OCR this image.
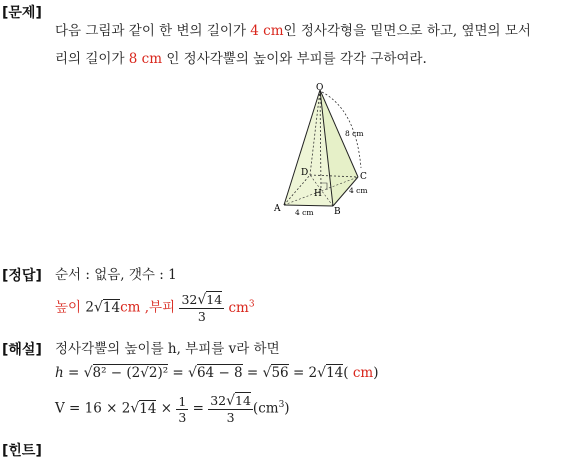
[문제]
다음 그림과 같이 한 변의 길이가 4 cm인 정사각형을 밑면으로 하고, 옆면의 모서
리의 길이가 8 cm 인 정사각뿔의 높이와 부피를 각각 구하여라.
O
A	B
C
D
H
8 cm
4 cm
4 cm
[정답] 순서 : 없음, 갯수 : 1
높이 2√14cm ,부피 $\frac{32√14}{3} cm^3$
[해설] 정사각뿔의 높이를 h, 부피를 v라 하면
h = √8² − (2√2)² = √64 − 8 = √56 = 2√14( cm)
$V = 16 \times 2√14 \times \frac{1}{3} = \frac{32√14}{3} (cm^3)$
[힌트]
